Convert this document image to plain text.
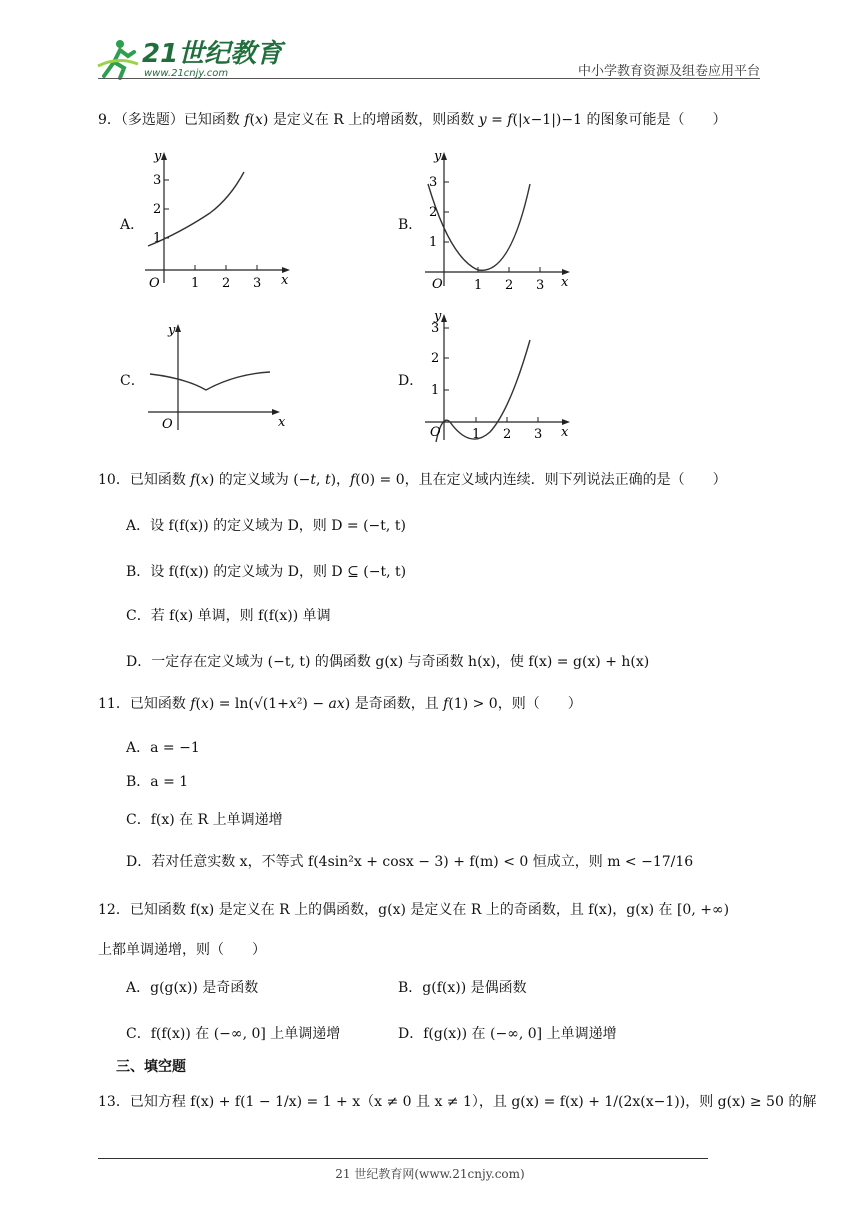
21世纪教育
www.21cnjy.com	中小学教育资源及组卷应用平台
9．（多选题）已知函数 f(x) 是定义在 R 上的增函数，则函数 y = f(|x−1|)−1 的图象可能是（　　）
A．
y
x
O 1 2 3
1
2
3
B．
y
x
O 1 2 3
1
2
3
C．
y
x
O
D．
y
x
O 1 2 3
1
2
3
10．已知函数 f(x) 的定义域为 (−t, t)，f(0) = 0，且在定义域内连续．则下列说法正确的是（　　）
A．设 f(f(x)) 的定义域为 D，则 D = (−t, t)
B．设 f(f(x)) 的定义域为 D，则 D ⊆ (−t, t)
C．若 f(x) 单调，则 f(f(x)) 单调
D．一定存在定义域为 (−t, t) 的偶函数 g(x) 与奇函数 h(x)，使 f(x) = g(x) + h(x)
11．已知函数 f(x) = ln(√(1+x²) − ax) 是奇函数，且 f(1) > 0，则（　　）
A．a = −1
B．a = 1
C．f(x) 在 R 上单调递增
D．若对任意实数 x，不等式 f(4sin²x + cosx − 3) + f(m) < 0 恒成立，则 m < −17/16
12．已知函数 f(x) 是定义在 R 上的偶函数，g(x) 是定义在 R 上的奇函数，且 f(x)，g(x) 在 [0, +∞)
上都单调递增，则（　　）
A．g(g(x)) 是奇函数	B．g(f(x)) 是偶函数
C．f(f(x)) 在 (−∞, 0] 上单调递增	D．f(g(x)) 在 (−∞, 0] 上单调递增
三、填空题
13．已知方程 f(x) + f(1 − 1/x) = 1 + x（x ≠ 0 且 x ≠ 1），且 g(x) = f(x) + 1/(2x(x−1))，则 g(x) ≥ 50 的解
21 世纪教育网(www.21cnjy.com)
